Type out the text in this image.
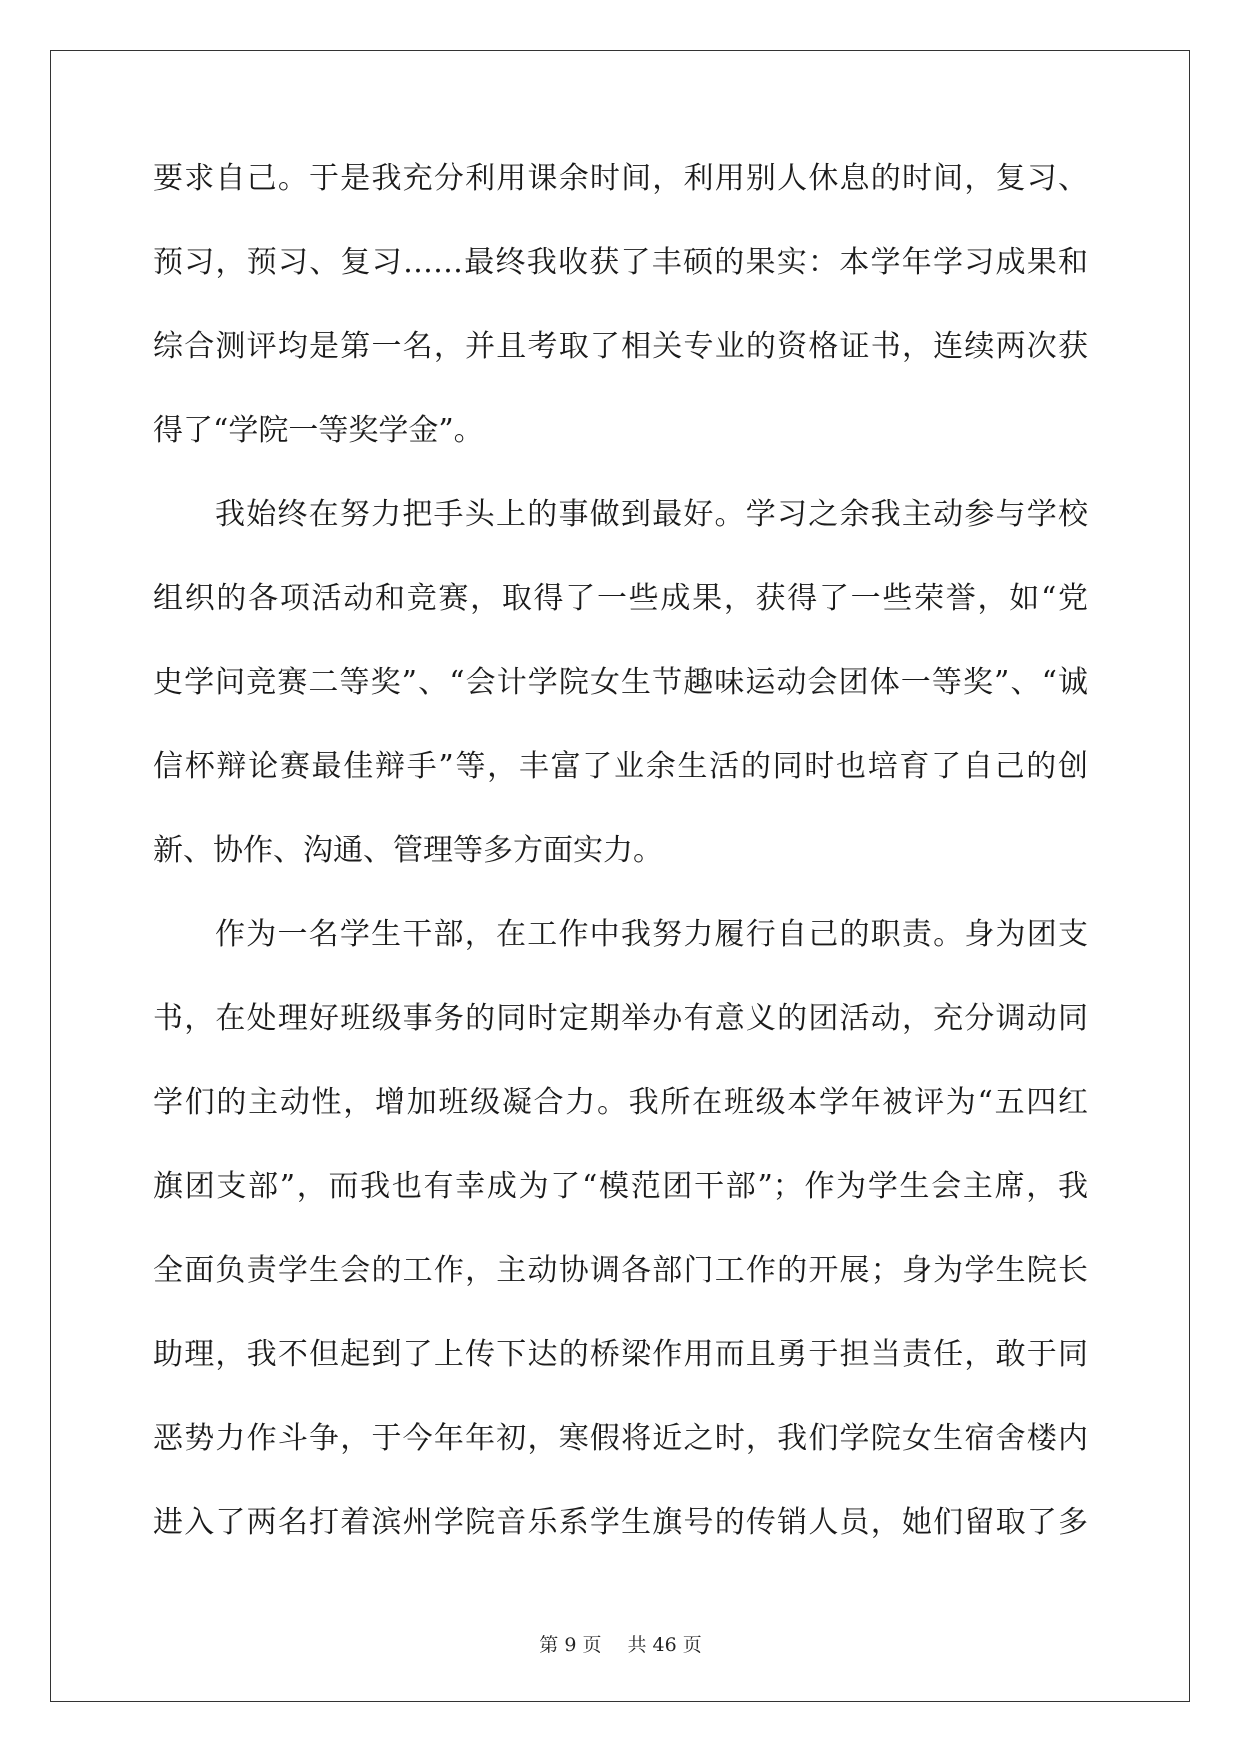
要求自己。于是我充分利用课余时间，利用别人休息的时间，复习、
预习，预习、复习……最终我收获了丰硕的果实：本学年学习成果和
综合测评均是第一名，并且考取了相关专业的资格证书，连续两次获
得了“学院一等奖学金”。
我始终在努力把手头上的事做到最好。学习之余我主动参与学校
组织的各项活动和竞赛，取得了一些成果，获得了一些荣誉，如“党
史学问竞赛二等奖”、“会计学院女生节趣味运动会团体一等奖”、“诚
信杯辩论赛最佳辩手”等，丰富了业余生活的同时也培育了自己的创
新、协作、沟通、管理等多方面实力。
作为一名学生干部，在工作中我努力履行自己的职责。身为团支
书，在处理好班级事务的同时定期举办有意义的团活动，充分调动同
学们的主动性，增加班级凝合力。我所在班级本学年被评为“五四红
旗团支部”，而我也有幸成为了“模范团干部”；作为学生会主席，我
全面负责学生会的工作，主动协调各部门工作的开展；身为学生院长
助理，我不但起到了上传下达的桥梁作用而且勇于担当责任，敢于同
恶势力作斗争，于今年年初，寒假将近之时，我们学院女生宿舍楼内
进入了两名打着滨州学院音乐系学生旗号的传销人员，她们留取了多
第 9 页 共 46 页
